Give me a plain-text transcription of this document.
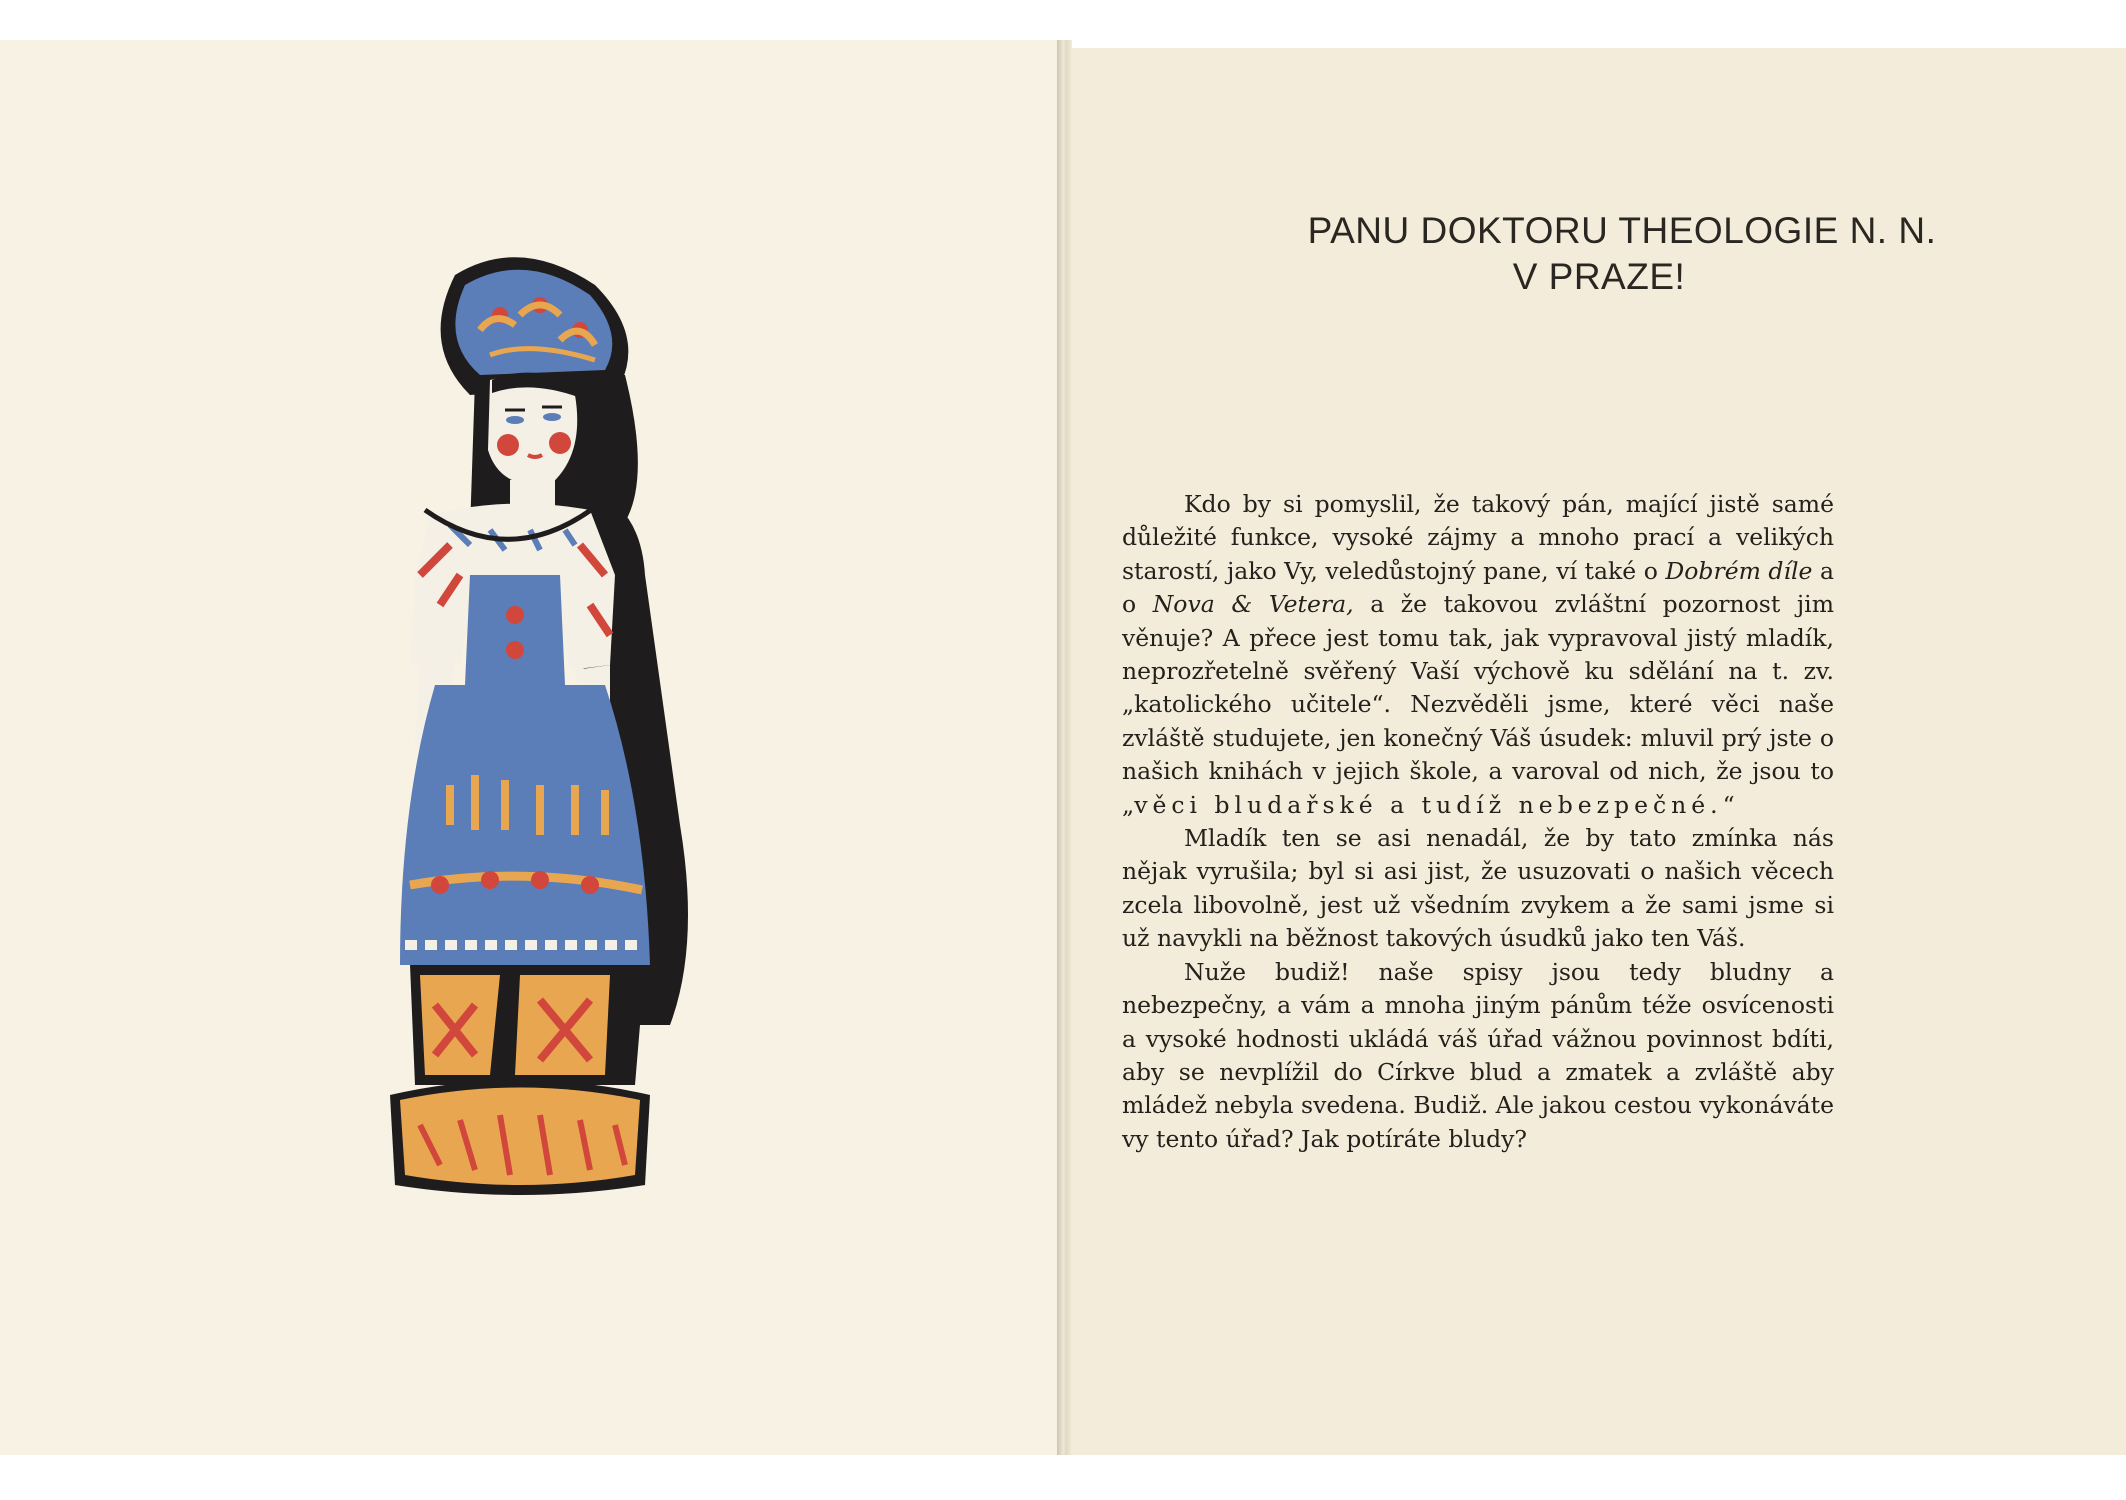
PANU DOKTORU THEOLOGIE N. N.
V PRAZE!

Kdo by si pomyslil, že takový pán, mající jistě samé důležité funkce, vysoké zájmy a mnoho prací a velikých starostí, jako Vy, veledůstojný pane, ví také o Dobrém díle a o Nova & Vetera, a že takovou zvláštní pozornost jim věnuje? A přece jest tomu tak, jak vypravoval jistý mladík, neprozřetelně svěřený Vaší výchově ku sdělání na t. zv. „katolického učitele“. Nezvěděli jsme, které věci naše zvláště studujete, jen konečný Váš úsudek: mluvil prý jste o našich knihách v jejich škole, a varoval od nich, že jsou to „věci bludařské a tudíž nebezpečné.“

Mladík ten se asi nenadál, že by tato zmínka nás nějak vyrušila; byl si asi jist, že usuzovati o našich věcech zcela libovolně, jest už všedním zvykem a že sami jsme si už navykli na běžnost takových úsudků jako ten Váš.

Nuže budiž! naše spisy jsou tedy bludny a nebezpečny, a vám a mnoha jiným pánům téže osvícenosti a vysoké hodnosti ukládá váš úřad vážnou povinnost bdíti, aby se nevplížil do Církve blud a zmatek a zvláště aby mládež nebyla svedena. Budiž. Ale jakou cestou vykonáváte vy tento úřad? Jak potíráte bludy?
